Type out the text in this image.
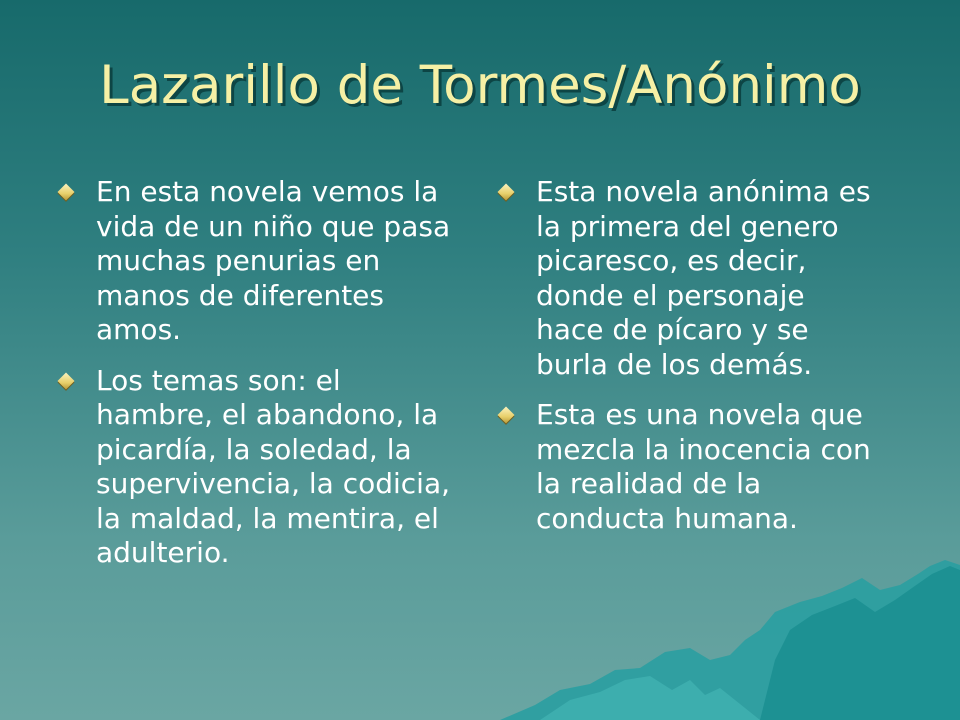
Lazarillo de Tormes/Anónimo
En esta novela vemos la vida de un niño que pasa muchas penurias en manos de diferentes amos.
Los temas son: el hambre, el abandono, la picardía, la soledad, la supervivencia, la codicia, la maldad, la mentira, el adulterio.
Esta novela anónima es la primera del genero picaresco, es decir, donde el personaje hace de pícaro y se burla de los demás.
Esta es una novela que mezcla la inocencia con la realidad de la conducta humana.
